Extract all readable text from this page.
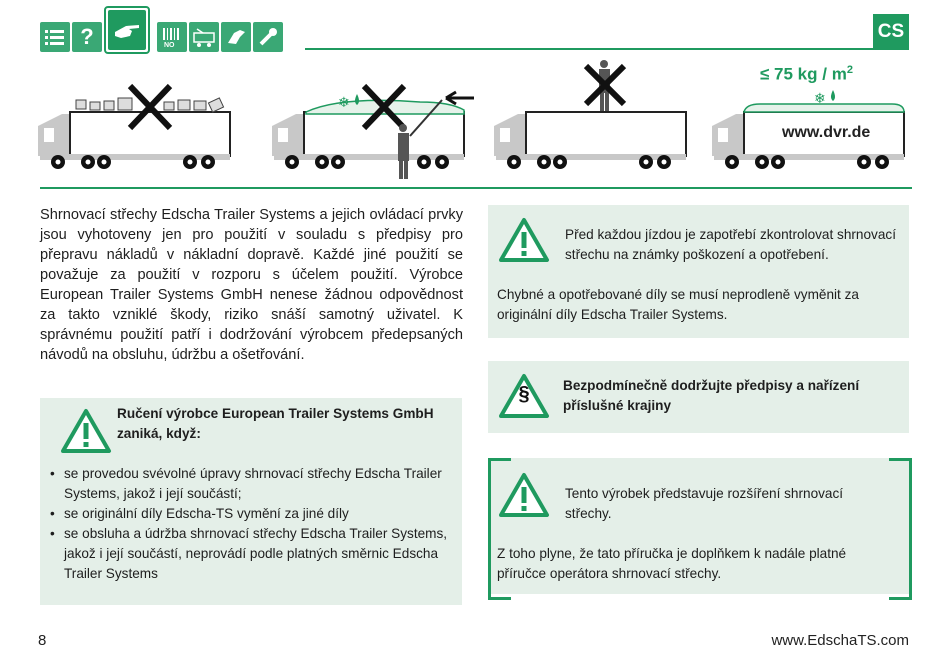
?	NO
CS
❄	❄
≤ 75 kg / $m^2$
www.dvr.de
Shrnovací střechy Edscha Trailer Systems a jejich ovládací prvky jsou vyhotoveny jen pro použití v souladu s předpisy pro přepravu nákladů v nákladní dopravě. Každé jiné použití se považuje za použití v rozporu s účelem použití. Výrobce European Trailer Systems GmbH nenese žádnou odpovědnost za takto vzniklé škody, riziko snáší samotný uživatel. K správnému použití patří i dodržování výrobcem předepsaných návodů na obsluhu, údržbu a ošetřování.

Ručení výrobce European Trailer Systems GmbH zaniká, když:

• se provedou svévolné úpravy shrnovací střechy Edscha Trailer Systems, jakož i její součástí;
• se originální díly Edscha-TS vymění za jiné díly
• se obsluha a údržba shrnovací střechy Edscha Trailer Systems, jakož i její součástí, neprovádí podle platných směrnic Edscha Trailer Systems

Před každou jízdou je zapotřebí zkontrolovat shrnovací střechu na známky poškození a opotřebení.

Chybné a opotřebované díly se musí neprodleně vyměnit za originální díly Edscha Trailer Systems.

§	Bezpodmínečně dodržujte předpisy a nařízení příslušné krajiny

Tento výrobek představuje rozšíření shrnovací střechy.

Z toho plyne, že tato příručka je doplňkem k nadále platné příručce operátora shrnovací střechy.

8	www.EdschaTS.com
